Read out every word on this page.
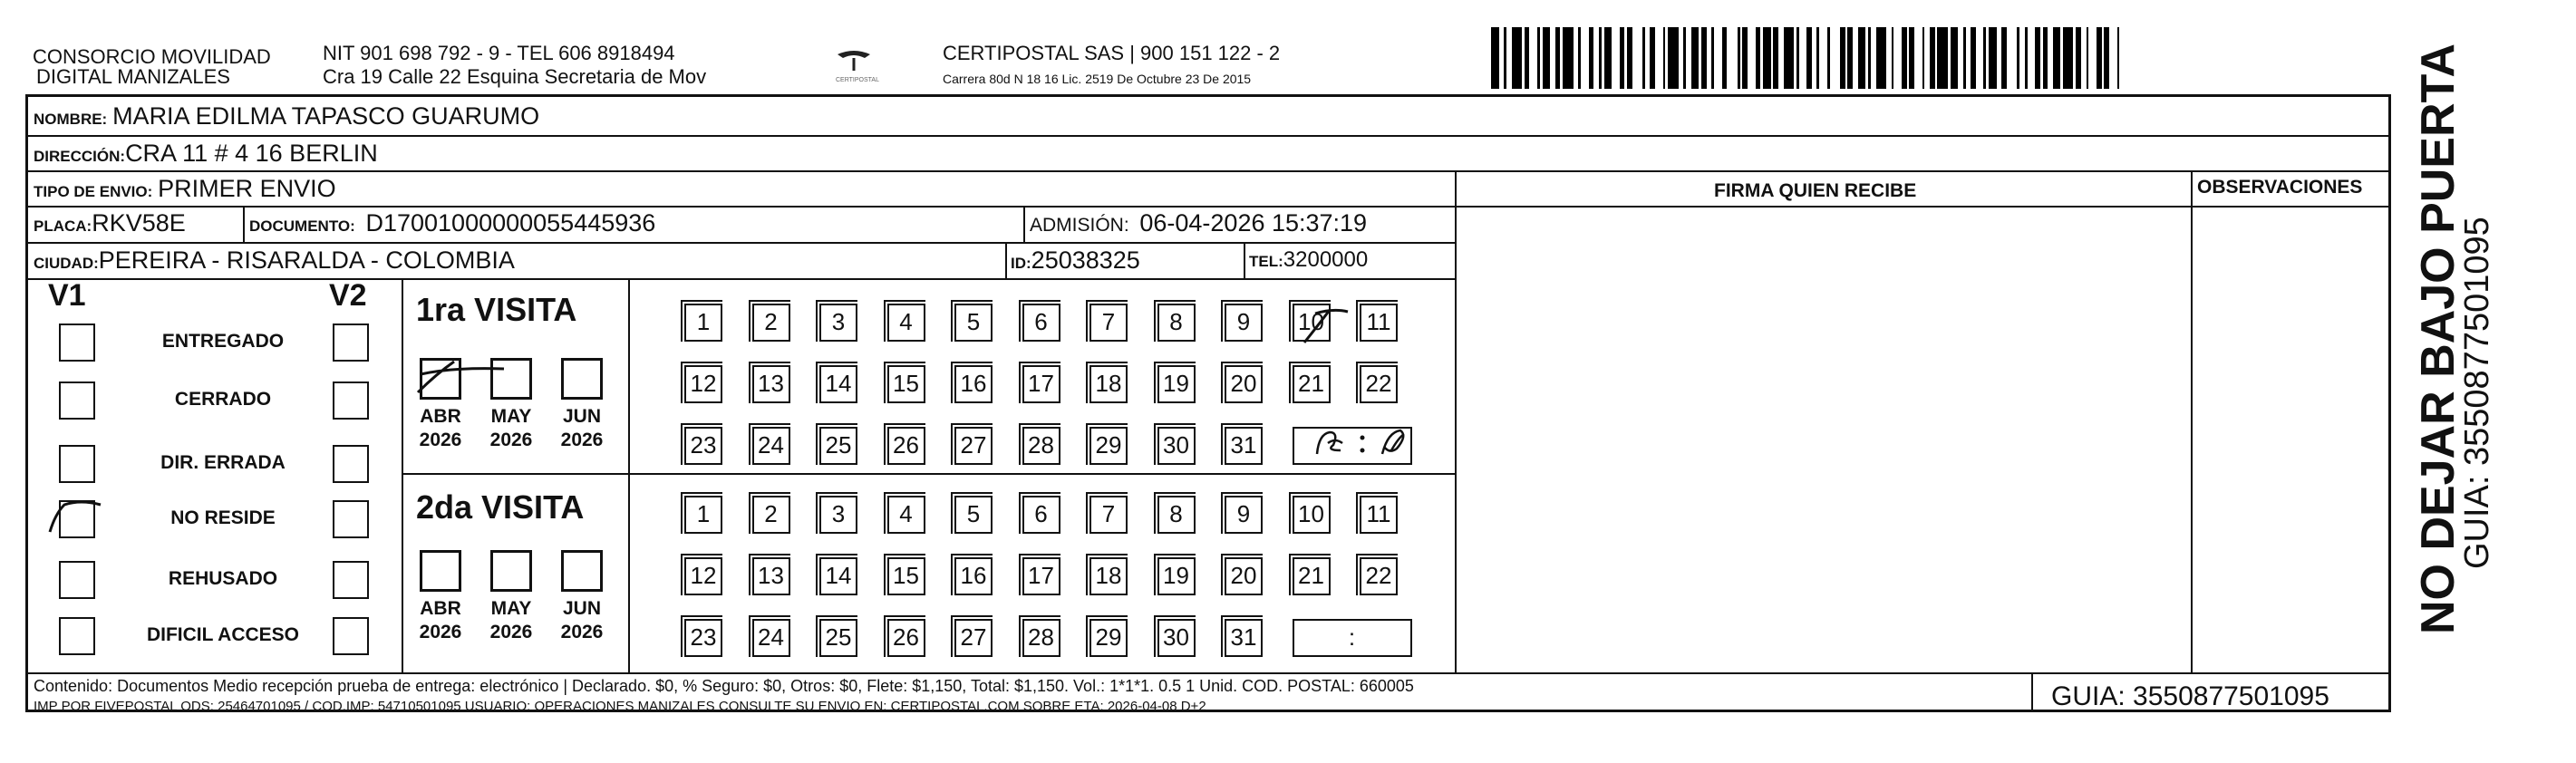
CONSORCIO MOVILIDAD
DIGITAL MANIZALES
NIT 901 698 792 - 9 - TEL 606 8918494
Cra 19 Calle 22 Esquina Secretaria de Mov	CERTIPOSTAL
CERTIPOSTAL SAS | 900 151 122 - 2
Carrera 80d N 18 16 Lic. 2519 De Octubre 23 De 2015
NOMBRE: MARIA EDILMA TAPASCO GUARUMO
DIRECCIÓN:CRA 11 # 4 16 BERLIN
TIPO DE ENVIO: PRIMER ENVIO	FIRMA QUIEN RECIBE	OBSERVACIONES
PLACA:RKV58E	DOCUMENTO: D17001000000055445936	ADMISIÓN: 06-04-2026 15:37:19
CIUDAD:PEREIRA - RISARALDA - COLOMBIA	ID:25038325	TEL:3200000
V1	V2
ENTREGADO
CERRADO
DIR. ERRADA
NO RESIDE
REHUSADO
DIFICIL ACCESO
1ra VISITA
2da VISITA
ABR
2026
MAY
2026
JUN
2026
ABR
2026
MAY
2026
JUN
2026
1	2	3	4	5	6	7	8	9	10 11
12 13 14 15 16 17 18 19 20 21 22
23 24 25 26 27 28 29 30 31
1	2	3	4	5	6	7	8	9	10 11
12 13 14 15 16 17 18 19 20 21 22
23 24 25 26 27 28 29 30 31	:
Contenido: Documentos Medio recepción prueba de entrega: electrónico | Declarado. $0, % Seguro: $0, Otros: $0, Flete: $1,150, Total: $1,150. Vol.: 1*1*1. 0.5 1 Unid. COD. POSTAL: 660005
IMP POR FIVEPOSTAL ODS: 25464701095 / COD.IMP: 54710501095 USUARIO: OPERACIONES MANIZALES CONSULTE SU ENVIO EN: CERTIPOSTAL.COM SOBRE ETA: 2026-04-08 D+2	GUIA: 3550877501095
NO DEJAR BAJO PUERTA
GUIA: 3550877501095
